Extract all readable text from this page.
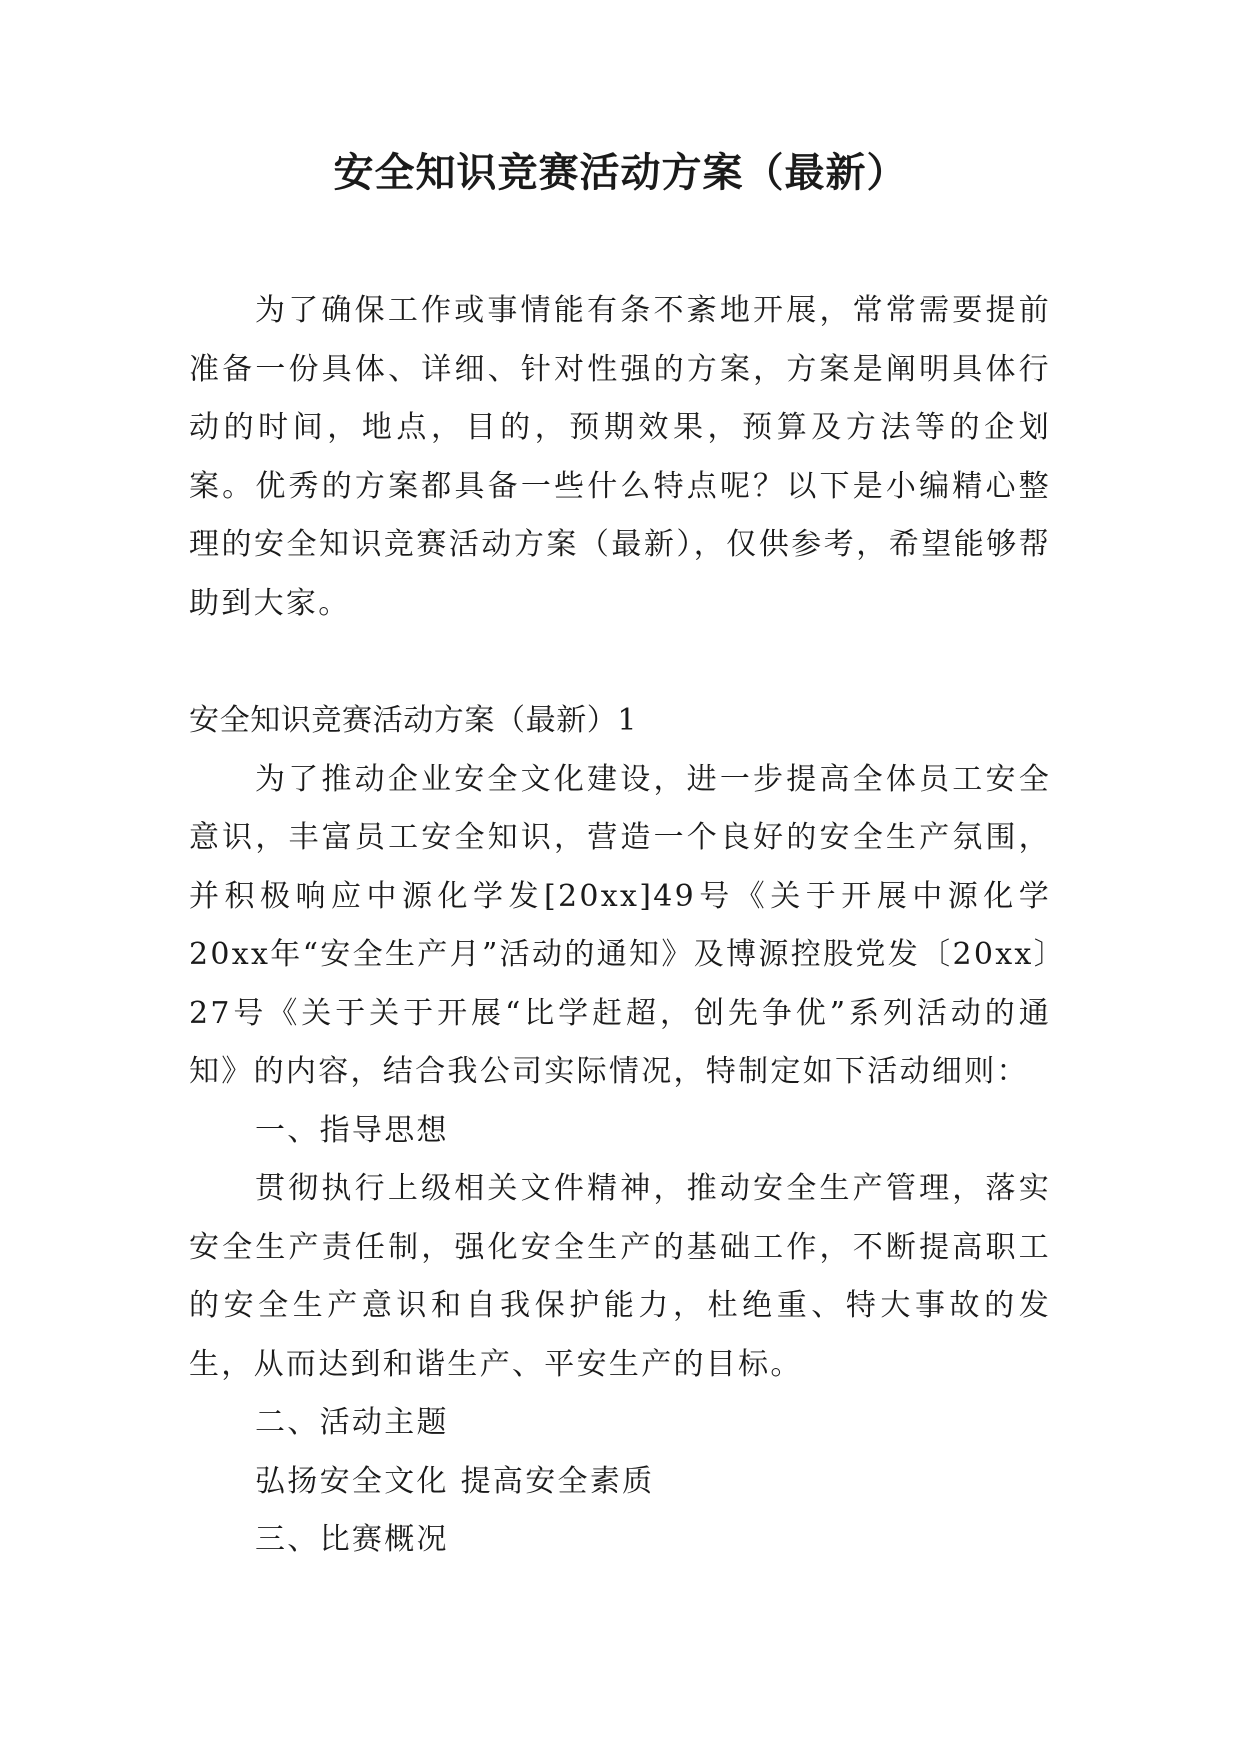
安全知识竞赛活动方案（最新）

为了确保工作或事情能有条不紊地开展，常常需要提前准备一份具体、详细、针对性强的方案，方案是阐明具体行动的时间，地点，目的，预期效果，预算及方法等的企划案。优秀的方案都具备一些什么特点呢？以下是小编精心整理的安全知识竞赛活动方案（最新），仅供参考，希望能够帮助到大家。

安全知识竞赛活动方案（最新）1

为了推动企业安全文化建设，进一步提高全体员工安全意识，丰富员工安全知识，营造一个良好的安全生产氛围，并积极响应中源化学发[20xx]49号《关于开展中源化学20xx年“安全生产月”活动的通知》及博源控股党发〔20xx〕27号《关于关于开展“比学赶超，创先争优”系列活动的通知》的内容，结合我公司实际情况，特制定如下活动细则：

一、指导思想

贯彻执行上级相关文件精神，推动安全生产管理，落实安全生产责任制，强化安全生产的基础工作，不断提高职工的安全生产意识和自我保护能力，杜绝重、特大事故的发生，从而达到和谐生产、平安生产的目标。

二、活动主题

弘扬安全文化 提高安全素质

三、比赛概况
